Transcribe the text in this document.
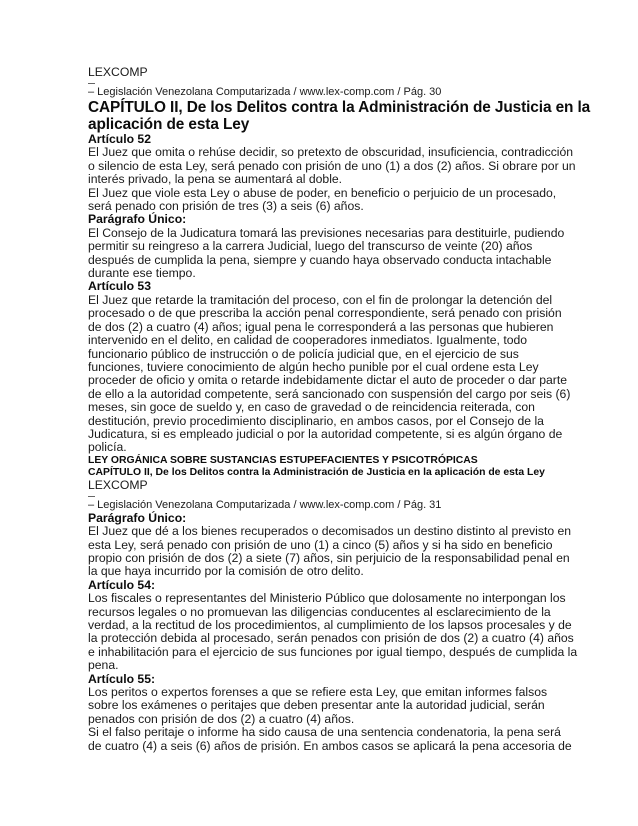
LEXCOMP
– Legislación Venezolana Computarizada / www.lex-comp.com / Pág. 30
CAPÍTULO II, De los Delitos contra la Administración de Justicia en la
aplicación de esta Ley
Artículo 52
El Juez que omita o rehúse decidir, so pretexto de obscuridad, insuficiencia, contradicción
o silencio de esta Ley, será penado con prisión de uno (1) a dos (2) años. Si obrare por un
interés privado, la pena se aumentará al doble.
El Juez que viole esta Ley o abuse de poder, en beneficio o perjuicio de un procesado,
será penado con prisión de tres (3) a seis (6) años.
Parágrafo Único:
El Consejo de la Judicatura tomará las previsiones necesarias para destituirle, pudiendo
permitir su reingreso a la carrera Judicial, luego del transcurso de veinte (20) años
después de cumplida la pena, siempre y cuando haya observado conducta intachable
durante ese tiempo.
Artículo 53
El Juez que retarde la tramitación del proceso, con el fin de prolongar la detención del
procesado o de que prescriba la acción penal correspondiente, será penado con prisión
de dos (2) a cuatro (4) años; igual pena le corresponderá a las personas que hubieren
intervenido en el delito, en calidad de cooperadores inmediatos. Igualmente, todo
funcionario público de instrucción o de policía judicial que, en el ejercicio de sus
funciones, tuviere conocimiento de algún hecho punible por el cual ordene esta Ley
proceder de oficio y omita o retarde indebidamente dictar el auto de proceder o dar parte
de ello a la autoridad competente, será sancionado con suspensión del cargo por seis (6)
meses, sin goce de sueldo y, en caso de gravedad o de reincidencia reiterada, con
destitución, previo procedimiento disciplinario, en ambos casos, por el Consejo de la
Judicatura, si es empleado judicial o por la autoridad competente, si es algún órgano de
policía.
LEY ORGÁNICA SOBRE SUSTANCIAS ESTUPEFACIENTES Y PSICOTRÓPICAS
CAPÍTULO II, De los Delitos contra la Administración de Justicia en la aplicación de esta Ley
LEXCOMP
– Legislación Venezolana Computarizada / www.lex-comp.com / Pág. 31
Parágrafo Único:
El Juez que dé a los bienes recuperados o decomisados un destino distinto al previsto en
esta Ley, será penado con prisión de uno (1) a cinco (5) años y si ha sido en beneficio
propio con prisión de dos (2) a siete (7) años, sin perjuicio de la responsabilidad penal en
la que haya incurrido por la comisión de otro delito.
Artículo 54:
Los fiscales o representantes del Ministerio Público que dolosamente no interpongan los
recursos legales o no promuevan las diligencias conducentes al esclarecimiento de la
verdad, a la rectitud de los procedimientos, al cumplimiento de los lapsos procesales y de
la protección debida al procesado, serán penados con prisión de dos (2) a cuatro (4) años
e inhabilitación para el ejercicio de sus funciones por igual tiempo, después de cumplida la
pena.
Artículo 55:
Los peritos o expertos forenses a que se refiere esta Ley, que emitan informes falsos
sobre los exámenes o peritajes que deben presentar ante la autoridad judicial, serán
penados con prisión de dos (2) a cuatro (4) años.
Si el falso peritaje o informe ha sido causa de una sentencia condenatoria, la pena será
de cuatro (4) a seis (6) años de prisión. En ambos casos se aplicará la pena accesoria de
